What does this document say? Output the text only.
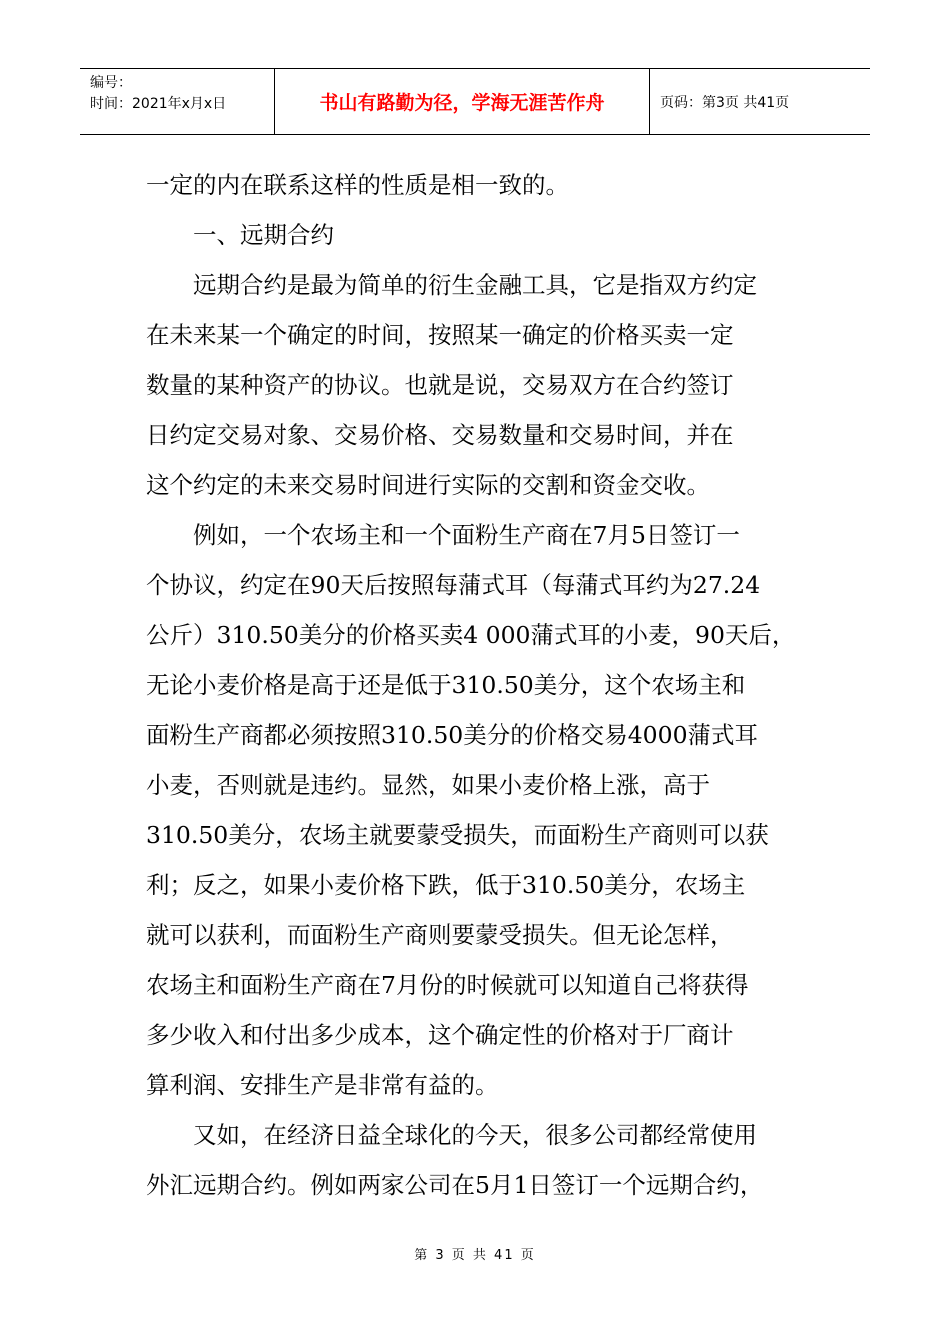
编号：
时间：2021年x月x日	书山有路勤为径，学海无涯苦作舟	页码：第3页 共41页

一定的内在联系这样的性质是相一致的。

　　一、远期合约

　　远期合约是最为简单的衍生金融工具，它是指双方约定

在未来某一个确定的时间，按照某一确定的价格买卖一定

数量的某种资产的协议。也就是说，交易双方在合约签订

日约定交易对象、交易价格、交易数量和交易时间，并在

这个约定的未来交易时间进行实际的交割和资金交收。

　　例如，一个农场主和一个面粉生产商在7月5日签订一

个协议，约定在90天后按照每蒲式耳（每蒲式耳约为27.24

公斤）310.50美分的价格买卖4 000蒲式耳的小麦，90天后，

无论小麦价格是高于还是低于310.50美分，这个农场主和

面粉生产商都必须按照310.50美分的价格交易4000蒲式耳

小麦，否则就是违约。显然，如果小麦价格上涨，高于

310.50美分，农场主就要蒙受损失，而面粉生产商则可以获

利；反之，如果小麦价格下跌，低于310.50美分，农场主

就可以获利，而面粉生产商则要蒙受损失。但无论怎样，

农场主和面粉生产商在7月份的时候就可以知道自己将获得

多少收入和付出多少成本，这个确定性的价格对于厂商计

算利润、安排生产是非常有益的。

　　又如，在经济日益全球化的今天，很多公司都经常使用

外汇远期合约。例如两家公司在5月1日签订一个远期合约，

第 3 页 共 41 页
